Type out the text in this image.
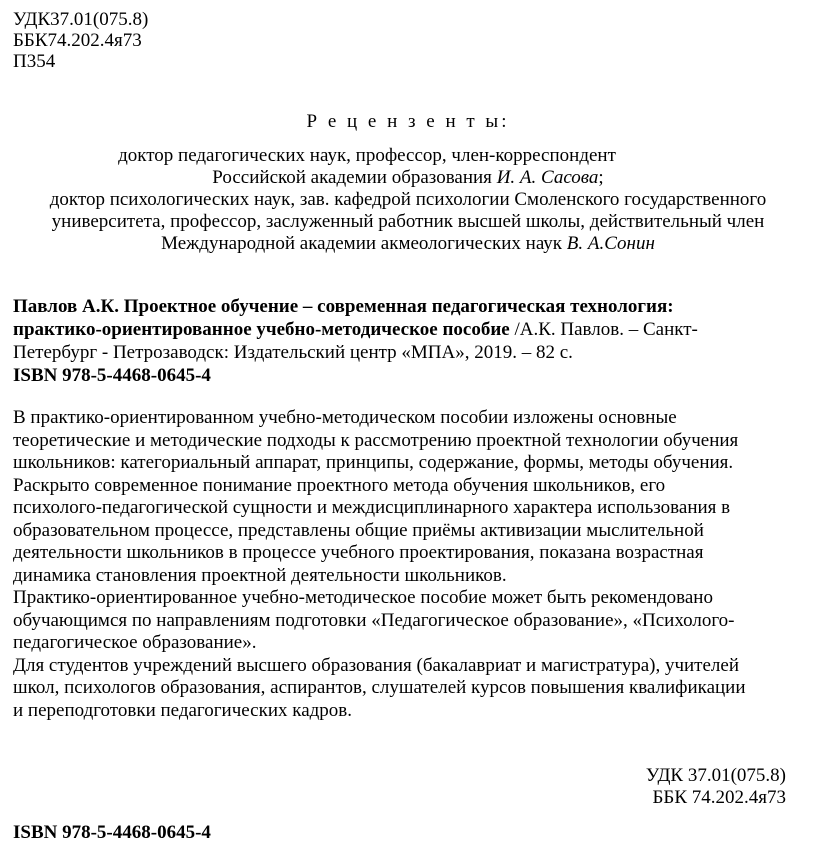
УДК37.01(075.8)
ББК74.202.4я73
П354
Р е ц е н з е н т ы:
доктор педагогических наук, профессор, член-корреспондент
Российской академии образования И. А. Сасова;
доктор психологических наук, зав. кафедрой психологии Смоленского государственного
университета, профессор, заслуженный работник высшей школы, действительный член
Международной академии акмеологических наук В. А.Сонин
Павлов А.К. Проектное обучение – современная педагогическая технология:
практико-ориентированное учебно-методическое пособие /А.К. Павлов. – Санкт-
Петербург - Петрозаводск: Издательский центр «МПА», 2019. – 82 с.
ISBN 978-5-4468-0645-4
В практико-ориентированном учебно-методическом пособии изложены основные
теоретические и методические подходы к рассмотрению проектной технологии обучения
школьников: категориальный аппарат, принципы, содержание, формы, методы обучения.
Раскрыто современное понимание проектного метода обучения школьников, его
психолого-педагогической сущности и междисциплинарного характера использования в
образовательном процессе, представлены общие приёмы активизации мыслительной
деятельности школьников в процессе учебного проектирования, показана возрастная
динамика становления проектной деятельности школьников.
Практико-ориентированное учебно-методическое пособие может быть рекомендовано
обучающимся по направлениям подготовки «Педагогическое образование», «Психолого-
педагогическое образование».
Для студентов учреждений высшего образования (бакалавриат и магистратура), учителей
школ, психологов образования, аспирантов, слушателей курсов повышения квалификации
и переподготовки педагогических кадров.
УДК 37.01(075.8)
ББК 74.202.4я73
ISBN 978-5-4468-0645-4
